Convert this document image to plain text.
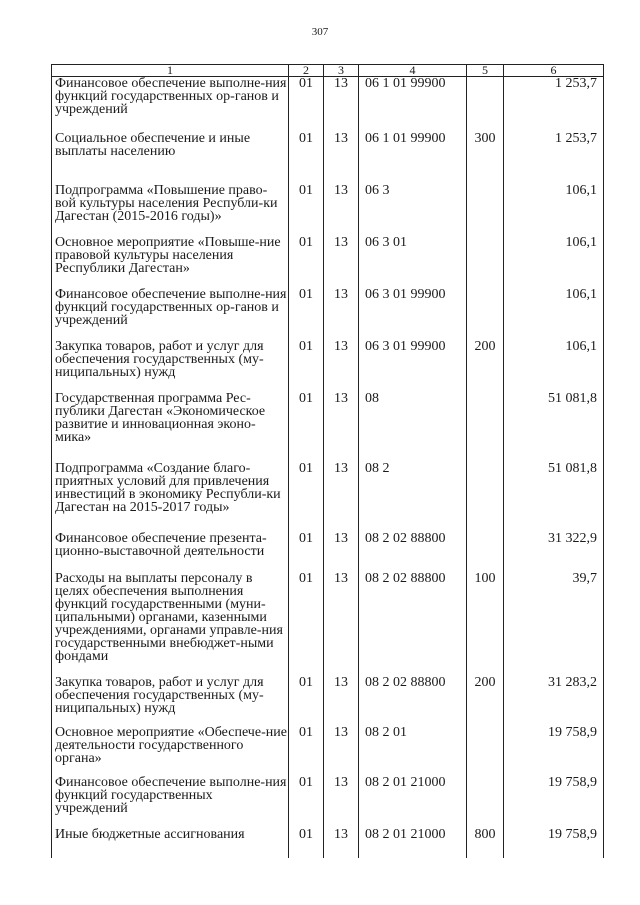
307
1	2	3	4	5	6
Финансовое обеспечение выполне-ния функций государственных ор-ганов и учреждений	01	13	06 1 01 99900		1 253,7
Социальное обеспечение и иные выплаты населению	01	13	06 1 01 99900	300	1 253,7
Подпрограмма «Повышение право-вой культуры населения Республи-ки Дагестан (2015-2016 годы)»	01	13	06 3		106,1
Основное мероприятие «Повыше-ние правовой культуры населения Республики Дагестан»	01	13	06 3 01		106,1
Финансовое обеспечение выполне-ния функций государственных ор-ганов и учреждений	01	13	06 3 01 99900		106,1
Закупка товаров, работ и услуг для обеспечения государственных (му-ниципальных) нужд	01	13	06 3 01 99900	200	106,1
Государственная программа Рес-публики Дагестан «Экономическое развитие и инновационная эконо-мика»	01	13	08		51 081,8
Подпрограмма «Создание благо-приятных условий для привлечения инвестиций в экономику Республи-ки Дагестан на 2015-2017 годы»	01	13	08 2		51 081,8
Финансовое обеспечение презента-ционно-выставочной деятельности	01	13	08 2 02 88800		31 322,9
Расходы на выплаты персоналу в целях обеспечения выполнения функций государственными (муни-ципальными) органами, казенными учреждениями, органами управле-ния государственными внебюджет-ными фондами	01	13	08 2 02 88800	100	39,7
Закупка товаров, работ и услуг для обеспечения государственных (му-ниципальных) нужд	01	13	08 2 02 88800	200	31 283,2
Основное мероприятие «Обеспече-ние деятельности государственного органа»	01	13	08 2 01		19 758,9
Финансовое обеспечение выполне-ния функций государственных учреждений	01	13	08 2 01 21000		19 758,9
Иные бюджетные ассигнования	01	13	08 2 01 21000	800	19 758,9
